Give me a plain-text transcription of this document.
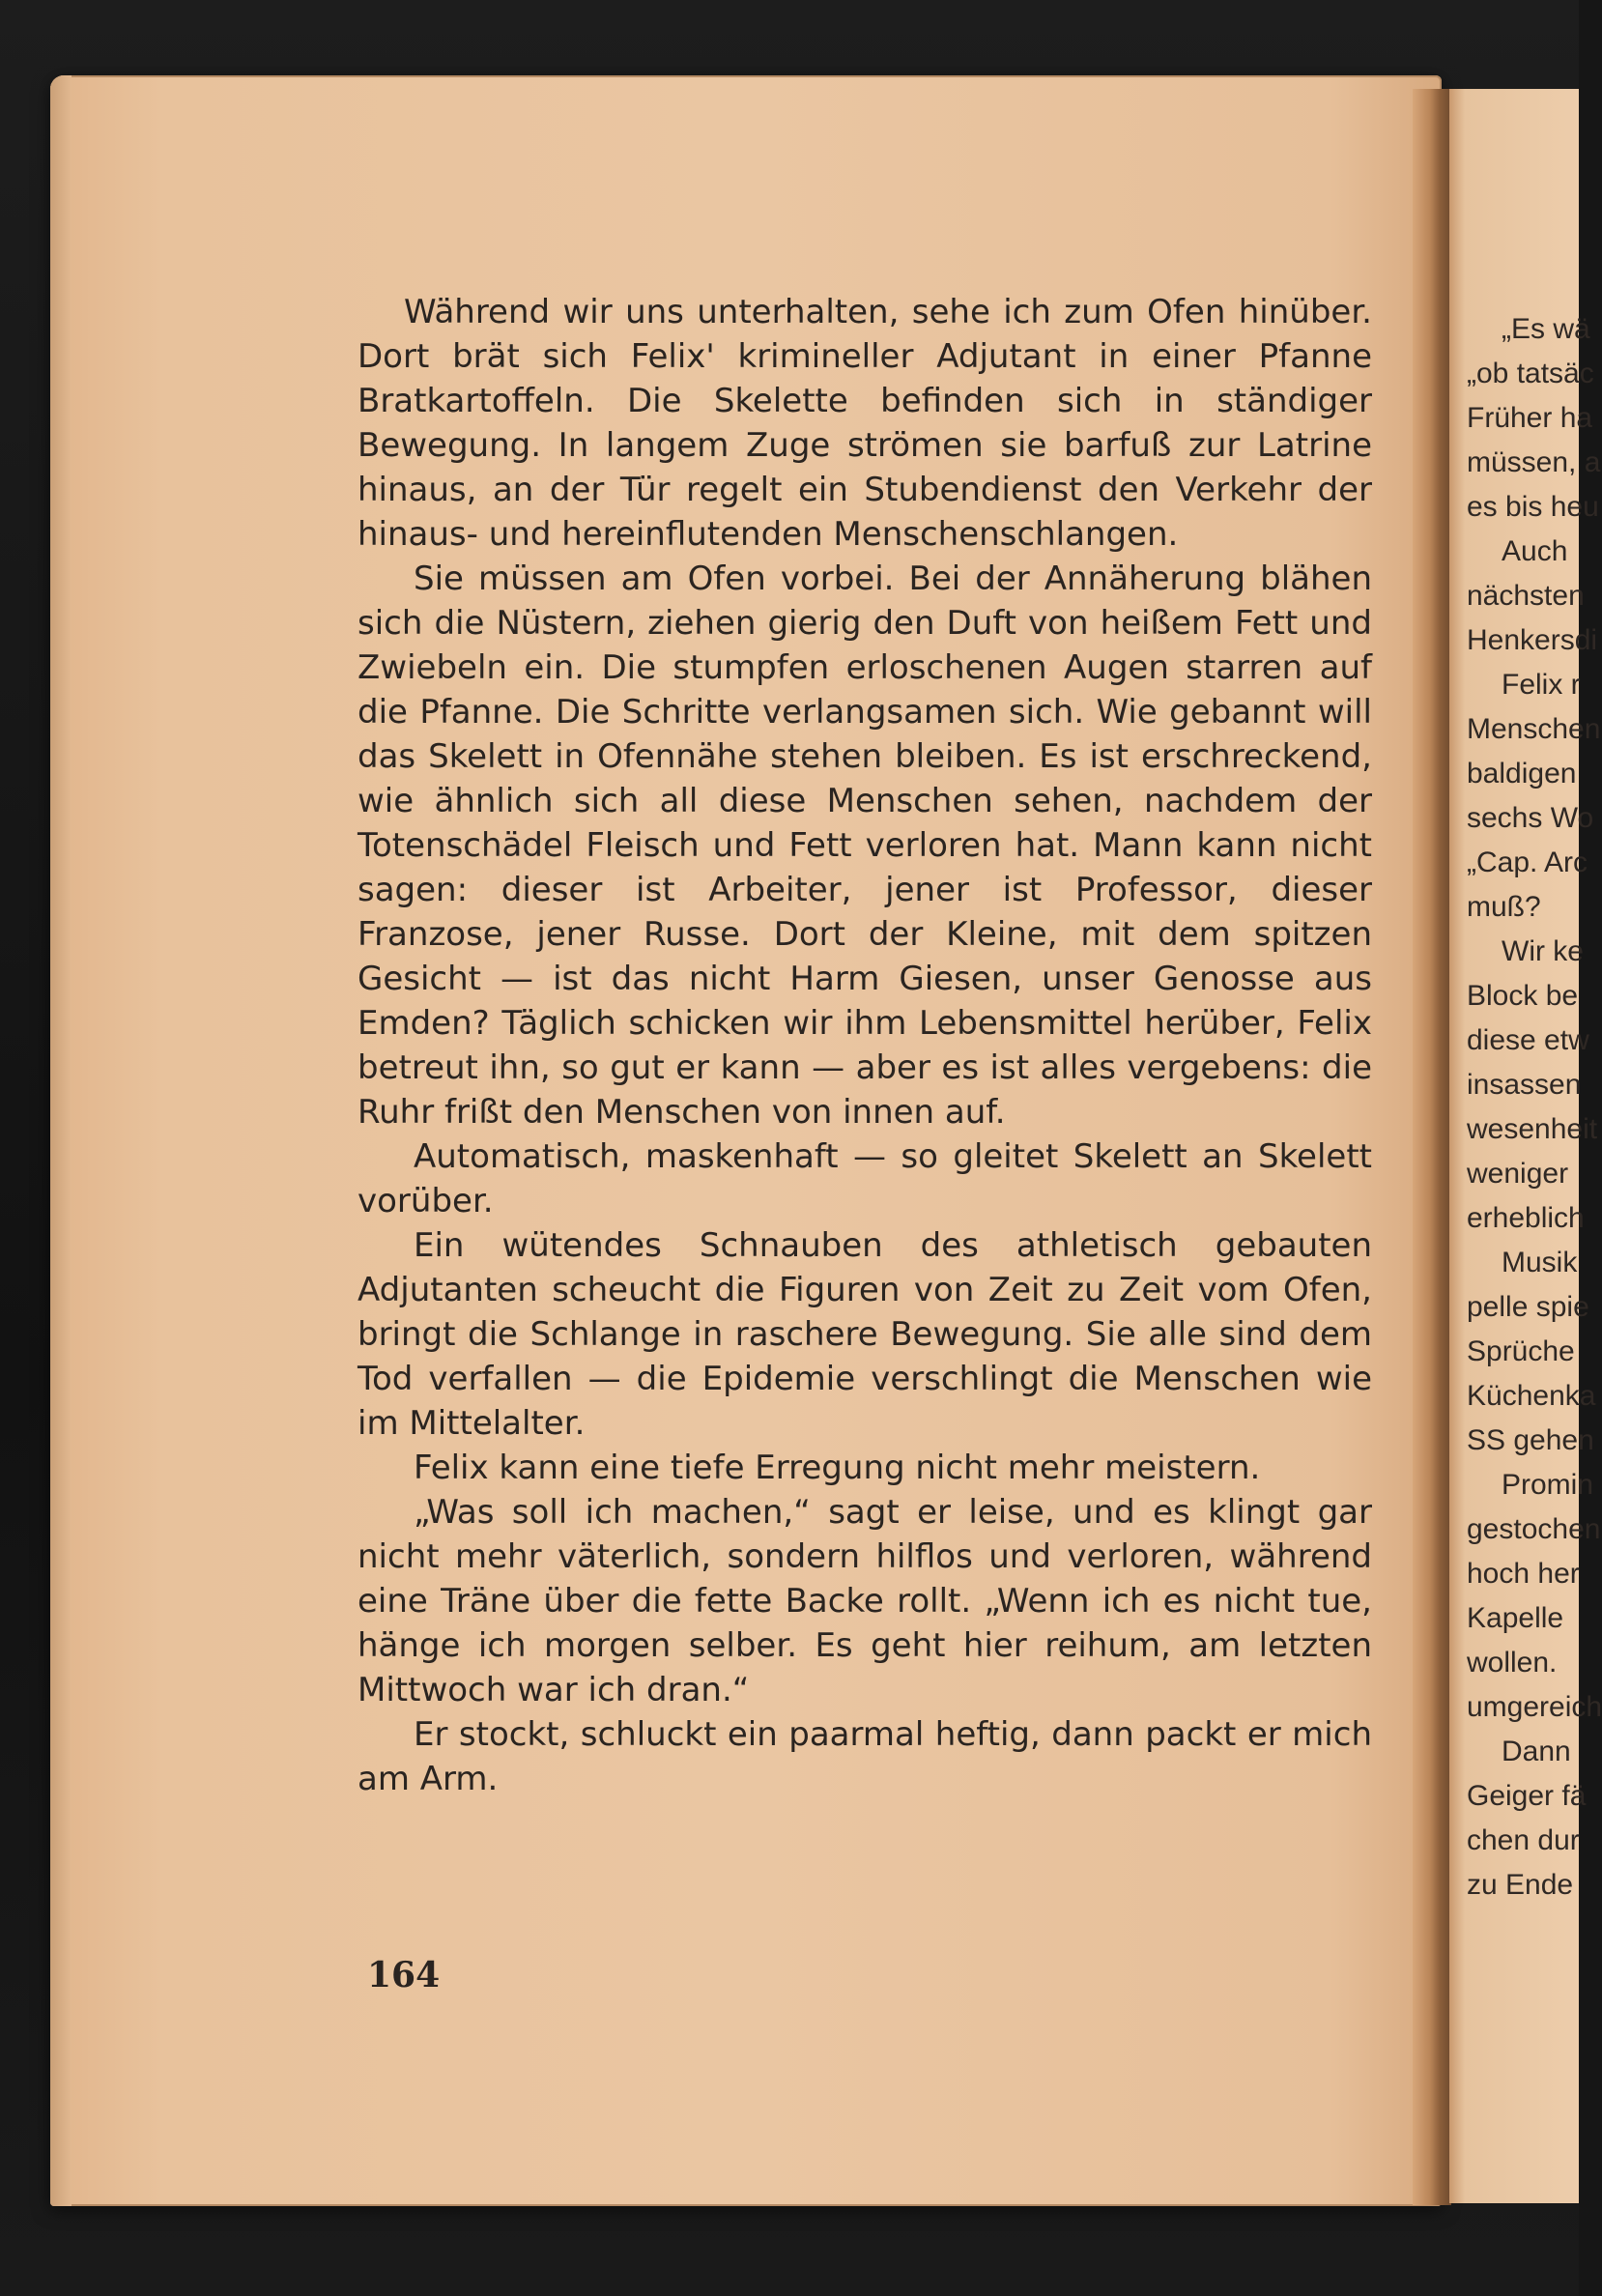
Während wir uns unterhalten, sehe ich zum Ofen hinüber. Dort brät sich Felix' krimineller Adjutant in einer Pfanne Bratkartoffeln. Die Skelette befinden sich in ständiger Bewegung. In langem Zuge strömen sie barfuß zur Latrine hinaus, an der Tür regelt ein Stubendienst den Verkehr der hinaus- und hereinflutenden Menschenschlangen.

Sie müssen am Ofen vorbei. Bei der Annäherung blähen sich die Nüstern, ziehen gierig den Duft von heißem Fett und Zwiebeln ein. Die stumpfen erloschenen Augen starren auf die Pfanne. Die Schritte verlangsamen sich. Wie gebannt will das Skelett in Ofennähe stehen bleiben. Es ist erschreckend, wie ähnlich sich all diese Menschen sehen, nachdem der Totenschädel Fleisch und Fett verloren hat. Mann kann nicht sagen: dieser ist Arbeiter, jener ist Professor, dieser Franzose, jener Russe. Dort der Kleine, mit dem spitzen Gesicht — ist das nicht Harm Giesen, unser Genosse aus Emden? Täglich schicken wir ihm Lebensmittel herüber, Felix betreut ihn, so gut er kann — aber es ist alles vergebens: die Ruhr frißt den Menschen von innen auf.

Automatisch, maskenhaft — so gleitet Skelett an Skelett vorüber.

Ein wütendes Schnauben des athletisch gebauten Adjutanten scheucht die Figuren von Zeit zu Zeit vom Ofen, bringt die Schlange in raschere Bewegung. Sie alle sind dem Tod verfallen — die Epidemie verschlingt die Menschen wie im Mittelalter.

Felix kann eine tiefe Erregung nicht mehr meistern.

„Was soll ich machen,“ sagt er leise, und es klingt gar nicht mehr väterlich, sondern hilflos und verloren, während eine Träne über die fette Backe rollt. „Wenn ich es nicht tue, hänge ich morgen selber. Es geht hier reihum, am letzten Mittwoch war ich dran.“

Er stockt, schluckt ein paarmal heftig, dann packt er mich am Arm.

164
„Es wä
„ob tatsäc
Früher ha
müssen, a
es bis heu
Auch
nächsten
Henkersdi
Felix r
Menschen
baldigen
sechs Wo
„Cap. Arc
muß?
Wir ke
Block be
diese etw
insassen
wesenheit
weniger
erheblich
Musik
pelle spie
Sprüche
Küchenka
SS gehen
Promin
gestochen
hoch her
Kapelle
wollen.
umgereich
Dann
Geiger fä
chen dur
zu Ende
